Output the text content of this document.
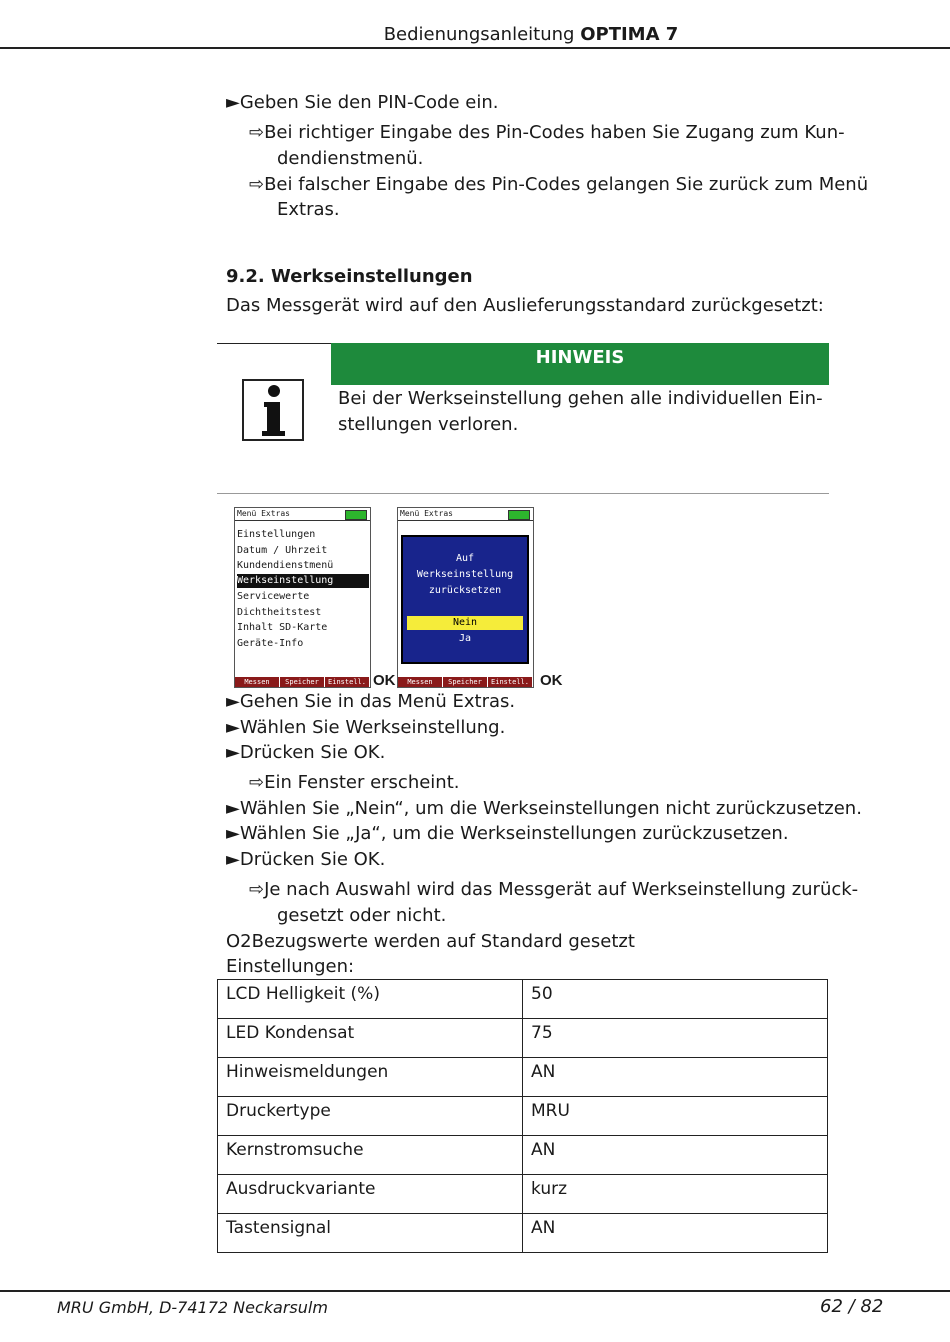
Bedienungsanleitung OPTIMA 7
►Geben Sie den PIN-Code ein.
⇨Bei richtiger Eingabe des Pin-Codes haben Sie Zugang zum Kun-
dendienstmenü.
⇨Bei falscher Eingabe des Pin-Codes gelangen Sie zurück zum Menü
Extras.
9.2. Werkseinstellungen
Das Messgerät wird auf den Auslieferungsstandard zurückgesetzt:
HINWEIS
Bei der Werkseinstellung gehen alle individuellen Ein-
stellungen verloren.
Menü Extras
Einstellungen
Datum / Uhrzeit
Kundendienstmenü
Werkseinstellung
Servicewerte
Dichtheitstest
Inhalt SD-Karte
Geräte-Info
Messen	Speicher	Einstell. OK
Menü Extras
Auf
Werkseinstellung
zurücksetzen
Nein
Ja
Messen	Speicher	Einstell. OK
►Gehen Sie in das Menü Extras.
►Wählen Sie Werkseinstellung.
►Drücken Sie OK.
⇨Ein Fenster erscheint.
►Wählen Sie „Nein“, um die Werkseinstellungen nicht zurückzusetzen.
►Wählen Sie „Ja“, um die Werkseinstellungen zurückzusetzen.
►Drücken Sie OK.
⇨Je nach Auswahl wird das Messgerät auf Werkseinstellung zurück-
gesetzt oder nicht.
O2Bezugswerte werden auf Standard gesetzt
Einstellungen:
LCD Helligkeit (%)	50
LED Kondensat	75
Hinweismeldungen	AN
Druckertype	MRU
Kernstromsuche	AN
Ausdruckvariante	kurz
Tastensignal	AN
MRU GmbH, D-74172 Neckarsulm	62 / 82
